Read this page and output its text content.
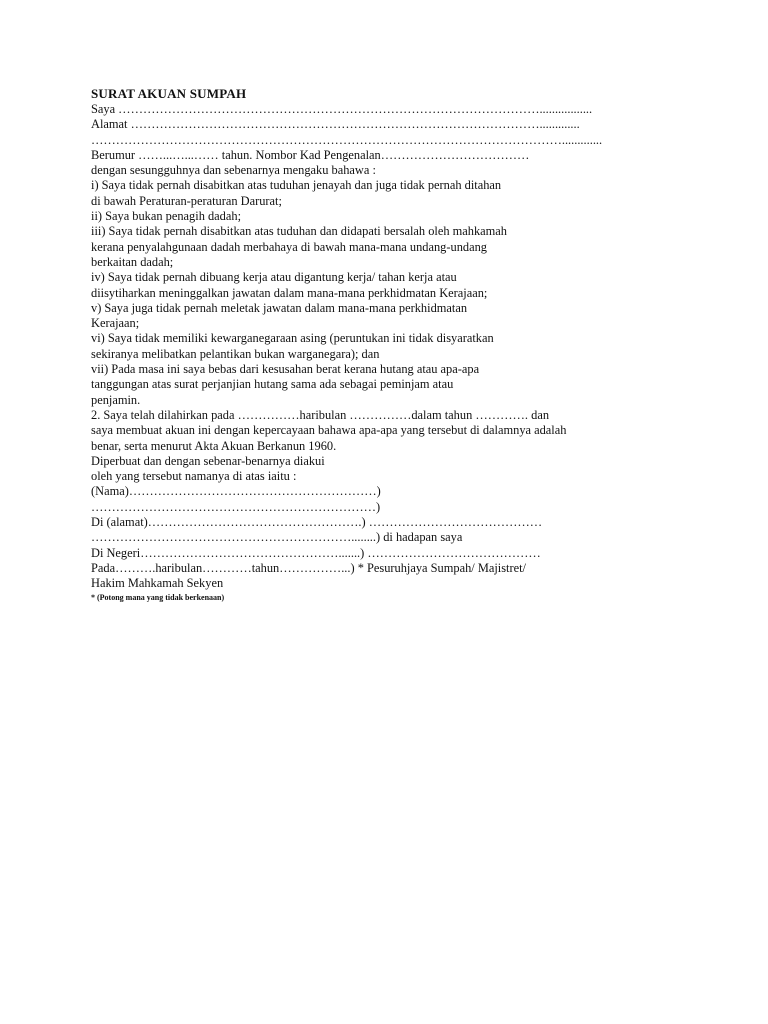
SURAT AKUAN SUMPAH
Saya ………………………………………………………………………………………….................
Alamat ……………………………………………………………………………………….............
…………………………………………………………………………………………………….............
Berumur ……...…...…… tahun. Nombor Kad Pengenalan………………………………
dengan sesungguhnya dan sebenarnya mengaku bahawa :
i) Saya tidak pernah disabitkan atas tuduhan jenayah dan juga tidak pernah ditahan
di bawah Peraturan-peraturan Darurat;
ii) Saya bukan penagih dadah;
iii) Saya tidak pernah disabitkan atas tuduhan dan didapati bersalah oleh mahkamah
kerana penyalahgunaan dadah merbahaya di bawah mana-mana undang-undang
berkaitan dadah;
iv) Saya tidak pernah dibuang kerja atau digantung kerja/ tahan kerja atau
diisytiharkan meninggalkan jawatan dalam mana-mana perkhidmatan Kerajaan;
v) Saya juga tidak pernah meletak jawatan dalam mana-mana perkhidmatan
Kerajaan;
vi) Saya tidak memiliki kewarganegaraan asing (peruntukan ini tidak disyaratkan
sekiranya melibatkan pelantikan bukan warganegara); dan
vii) Pada masa ini saya bebas dari kesusahan berat kerana hutang atau apa-apa
tanggungan atas surat perjanjian hutang sama ada sebagai peminjam atau
penjamin.
2. Saya telah dilahirkan pada ……………haribulan ……………dalam tahun …………. dan
saya membuat akuan ini dengan kepercayaan bahawa apa-apa yang tersebut di dalamnya adalah
benar, serta menurut Akta Akuan Berkanun 1960.
Diperbuat dan dengan sebenar-benarnya diakui
oleh yang tersebut namanya di atas iaitu :
(Nama)……………………………………………………)
……………………………………………………………)
Di (alamat)…………………………………………….) ……………………………………
………………………………………………………........) di hadapan saya
Di Negeri………………………………………….......) ……………………………………
Pada……….haribulan…………tahun……………...) * Pesuruhjaya Sumpah/ Majistret/
Hakim Mahkamah Sekyen
* (Potong mana yang tidak berkenaan)
